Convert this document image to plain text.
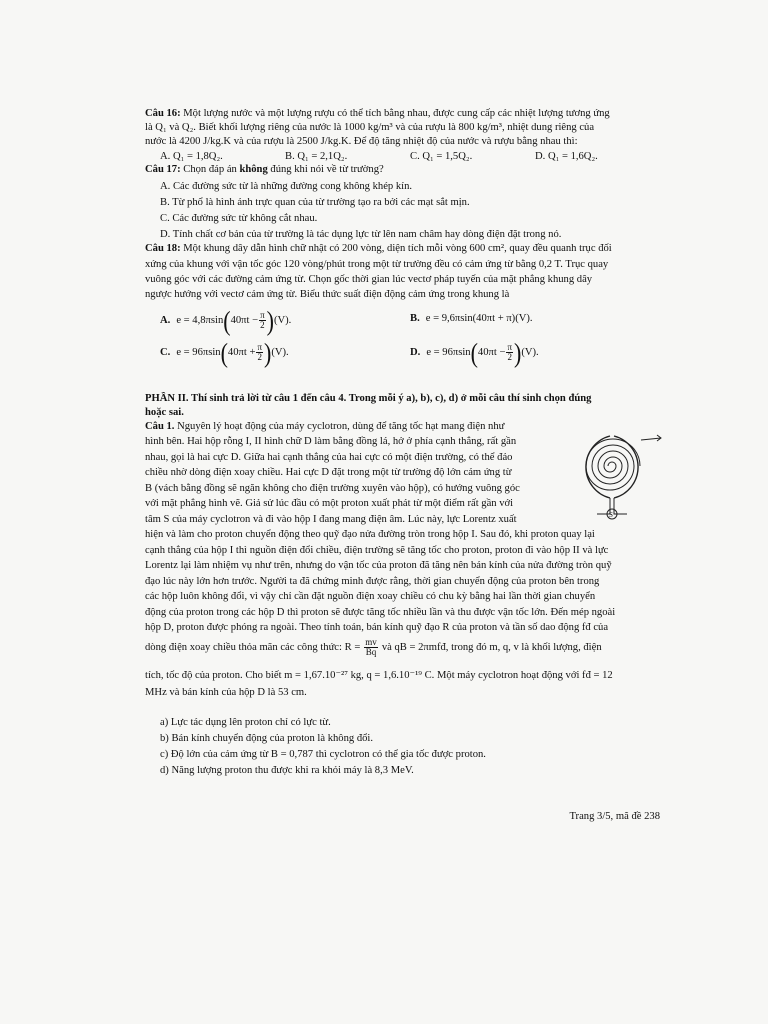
Câu 16: Một lượng nước và một lượng rượu có thể tích bằng nhau, được cung cấp các nhiệt lượng tương ứng
là Q₁ và Q₂. Biết khối lượng riêng của nước là 1000 kg/m³ và của rượu là 800 kg/m³, nhiệt dung riêng của
nước là 4200 J/kg.K và của rượu là 2500 J/kg.K. Để độ tăng nhiệt độ của nước và rượu bằng nhau thì:
A. Q₁ = 1,8Q₂.	B. Q₁ = 2,1Q₂.	C. Q₁ = 1,5Q₂.	D. Q₁ = 1,6Q₂.
Câu 17: Chọn đáp án không đúng khi nói về từ trường?
A. Các đường sức từ là những đường cong không khép kín.
B. Từ phổ là hình ảnh trực quan của từ trường tạo ra bởi các mạt sắt mịn.
C. Các đường sức từ không cắt nhau.
D. Tính chất cơ bản của từ trường là tác dụng lực từ lên nam châm hay dòng điện đặt trong nó.
Câu 18: Một khung dây dẫn hình chữ nhật có 200 vòng, diện tích mỗi vòng 600 cm², quay đều quanh trục đối
xứng của khung với vận tốc góc 120 vòng/phút trong một từ trường đều có cảm ứng từ bằng 0,2 T. Trục quay
vuông góc với các đường cảm ứng từ. Chọn gốc thời gian lúc vectơ pháp tuyến của mặt phẳng khung dây
ngược hướng với vectơ cảm ứng từ. Biểu thức suất điện động cảm ứng trong khung là
A. e = 4,8πsin ( $40\pi t - \frac{\pi}{2}$ ) (V).	B. e = 9,6πsin(40πt + π)(V).
C. e = 96πsin ( $40\pi t + \frac{\pi}{2}$ ) (V).	D. e = 96πsin ( $40\pi t - \frac{\pi}{2}$ ) (V).
PHẦN II. Thí sinh trả lời từ câu 1 đến câu 4. Trong mỗi ý a), b), c), d) ở mỗi câu thí sinh chọn đúng
hoặc sai.
Câu 1. Nguyên lý hoạt động của máy cyclotron, dùng để tăng tốc hạt mang điện như
hình bên. Hai hộp rỗng I, II hình chữ D làm bằng đồng lá, hở ở phía cạnh thẳng, rất gần
nhau, gọi là hai cực D. Giữa hai cạnh thẳng của hai cực có một điện trường, có thể đảo
chiều nhờ dòng điện xoay chiều. Hai cực D đặt trong một từ trường độ lớn cảm ứng từ
B (vách bằng đồng sẽ ngăn không cho điện trường xuyên vào hộp), có hướng vuông góc
với mặt phẳng hình vẽ. Giả sử lúc đầu có một proton xuất phát từ một điểm rất gần với
tâm S của máy cyclotron và đi vào hộp I đang mang điện âm. Lúc này, lực Lorentz xuất	S
hiện và làm cho proton chuyển động theo quỹ đạo nửa đường tròn trong hộp I. Sau đó, khi proton quay lại
cạnh thẳng của hộp I thì nguồn điện đổi chiều, điện trường sẽ tăng tốc cho proton, proton đi vào hộp II và lực
Lorentz lại làm nhiệm vụ như trên, nhưng do vận tốc của proton đã tăng nên bán kính của nửa đường tròn quỹ
đạo lúc này lớn hơn trước. Người ta đã chứng minh được rằng, thời gian chuyển động của proton bên trong
các hộp luôn không đổi, vì vậy chỉ cần đặt nguồn điện xoay chiều có chu kỳ bằng hai lần thời gian chuyển
động của proton trong các hộp D thì proton sẽ được tăng tốc nhiều lần và thu được vận tốc lớn. Đến mép ngoài
hộp D, proton được phóng ra ngoài. Theo tính toán, bán kính quỹ đạo R của proton và tần số dao động fđ của
dòng điện xoay chiều thỏa mãn các công thức: $R = \frac{mv}{Bq}$ và qB = 2πmfđ, trong đó m, q, v là khối lượng, điện
tích, tốc độ của proton. Cho biết m = 1,67.10⁻²⁷ kg, q = 1,6.10⁻¹⁹ C. Một máy cyclotron hoạt động với fđ = 12
MHz và bán kính của hộp D là 53 cm.
a) Lực tác dụng lên proton chỉ có lực từ.
b) Bán kính chuyển động của proton là không đổi.
c) Độ lớn của cảm ứng từ B = 0,787 thì cyclotron có thể gia tốc được proton.
d) Năng lượng proton thu được khi ra khỏi máy là 8,3 MeV.
Trang 3/5, mã đề 238
